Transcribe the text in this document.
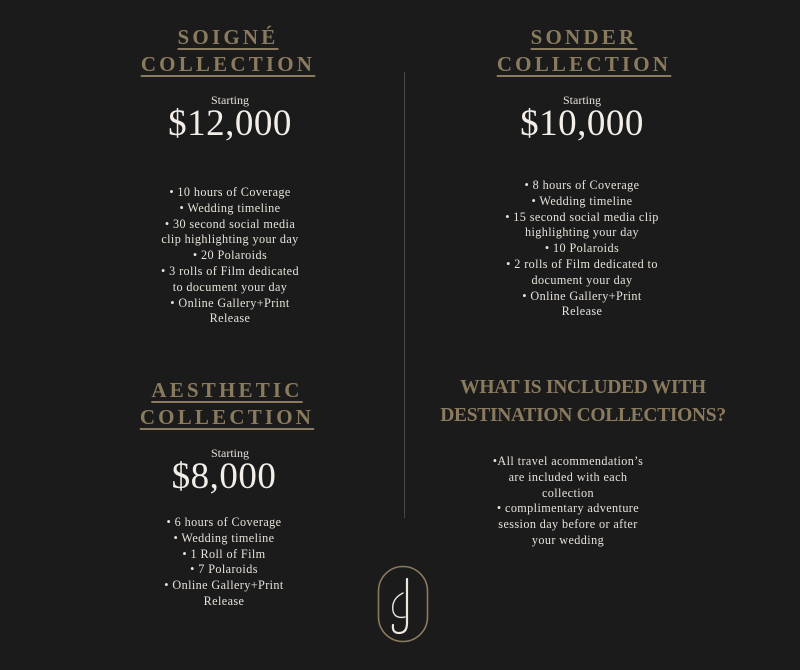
SOIGNÉ
COLLECTION
Starting
$12,000
• 10 hours of Coverage
• Wedding timeline
• 30 second social media
clip highlighting your day
• 20 Polaroids
• 3 rolls of Film dedicated
to document your day
• Online Gallery+Print
Release
SONDER
COLLECTION
Starting
$10,000
• 8 hours of Coverage
• Wedding timeline
• 15 second social media clip
highlighting your day
• 10 Polaroids
• 2 rolls of Film dedicated to
document your day
• Online Gallery+Print
Release
AESTHETIC
COLLECTION
Starting
$8,000
• 6 hours of Coverage
• Wedding timeline
• 1 Roll of Film
• 7 Polaroids
• Online Gallery+Print
Release
WHAT IS INCLUDED WITH
DESTINATION COLLECTIONS?
•All travel acommendation’s
are included with each
collection
• complimentary adventure
session day before or after
your wedding
